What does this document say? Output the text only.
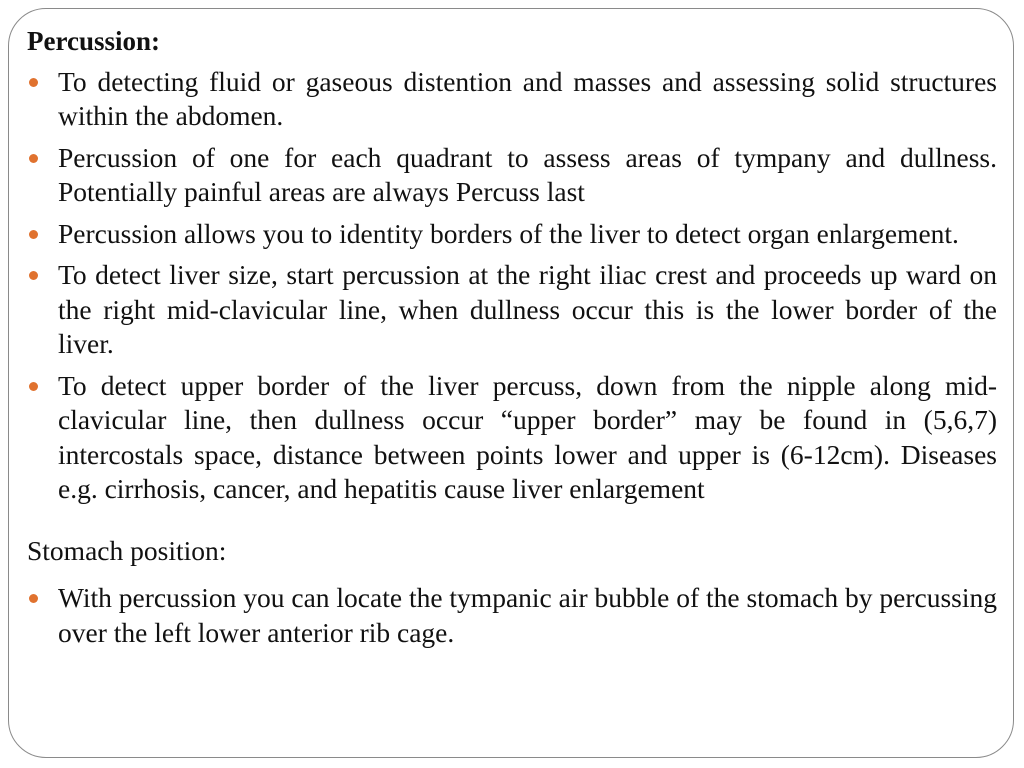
Percussion:
To detecting fluid or gaseous distention and masses and assessing solid structures within the abdomen.
Percussion of one for each quadrant to assess areas of tympany and dullness. Potentially painful areas are always Percuss last
Percussion allows you to identity borders of the liver to detect organ enlargement.
To detect liver size, start percussion at the right iliac crest and proceeds up ward on the right mid-clavicular line, when dullness occur this is the lower border of the liver.
To detect upper border of the liver percuss, down from the nipple along mid-clavicular line, then dullness occur “upper border” may be found in (5,6,7) intercostals space, distance between points lower and upper is (6-12cm). Diseases e.g. cirrhosis, cancer, and hepatitis cause liver enlargement
Stomach position:
With percussion you can locate the tympanic air bubble of the stomach by percussing over the left lower anterior rib cage.
